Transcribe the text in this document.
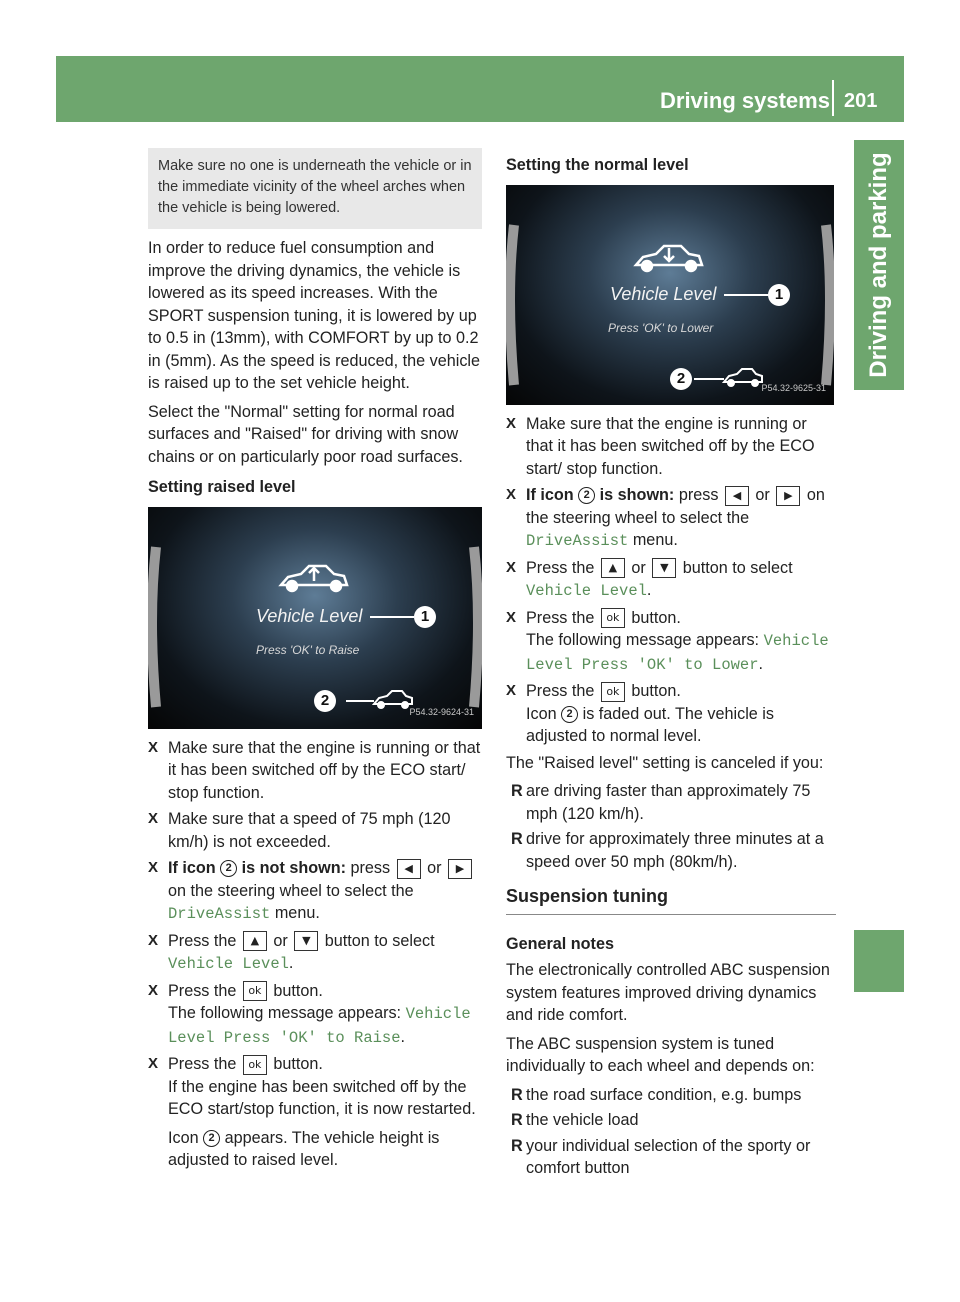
Driving systems 201
Driving and parking
Make sure no one is underneath the vehicle or in the immediate vicinity of the wheel arches when the vehicle is being lowered.

In order to reduce fuel consumption and improve the driving dynamics, the vehicle is lowered as its speed increases. With the SPORT suspension tuning, it is lowered by up to 0.5 in (13mm), with COMFORT by up to 0.2 in (5mm). As the speed is reduced, the vehicle is raised up to the set vehicle height.

Select the "Normal" setting for normal road surfaces and "Raised" for driving with snow chains or on particularly poor road surfaces.

Setting raised level
Vehicle Level
Press 'OK' to Raise
1
2
P54.32-9624-31
X Make sure that the engine is running or that it has been switched off by the ECO start/ stop function.
X Make sure that a speed of 75 mph (120 km/h) is not exceeded.
X If icon 2 is not shown: press ◀ or ▶ on the steering wheel to select the DriveAssist menu.
X Press the ▲ or ▼ button to select Vehicle Level.
X Press the ok button.
The following message appears: Vehicle Level Press 'OK' to Raise.
X Press the ok button.
If the engine has been switched off by the ECO start/stop function, it is now restarted.
Icon 2 appears. The vehicle height is adjusted to raised level.
Setting the normal level
Vehicle Level
Press 'OK' to Lower
1
2
P54.32-9625-31
X Make sure that the engine is running or that it has been switched off by the ECO start/ stop function.
X If icon 2 is shown: press ◀ or ▶ on the steering wheel to select the DriveAssist menu.
X Press the ▲ or ▼ button to select Vehicle Level.
X Press the ok button.
The following message appears: Vehicle Level Press 'OK' to Lower.
X Press the ok button.
Icon 2 is faded out. The vehicle is adjusted to normal level.

The "Raised level" setting is canceled if you:

R are driving faster than approximately 75 mph (120 km/h).
R drive for approximately three minutes at a speed over 50 mph (80km/h).
Suspension tuning
General notes

The electronically controlled ABC suspension system features improved driving dynamics and ride comfort.

The ABC suspension system is tuned individually to each wheel and depends on:

R the road surface condition, e.g. bumps
R the vehicle load
R your individual selection of the sporty or comfort button
